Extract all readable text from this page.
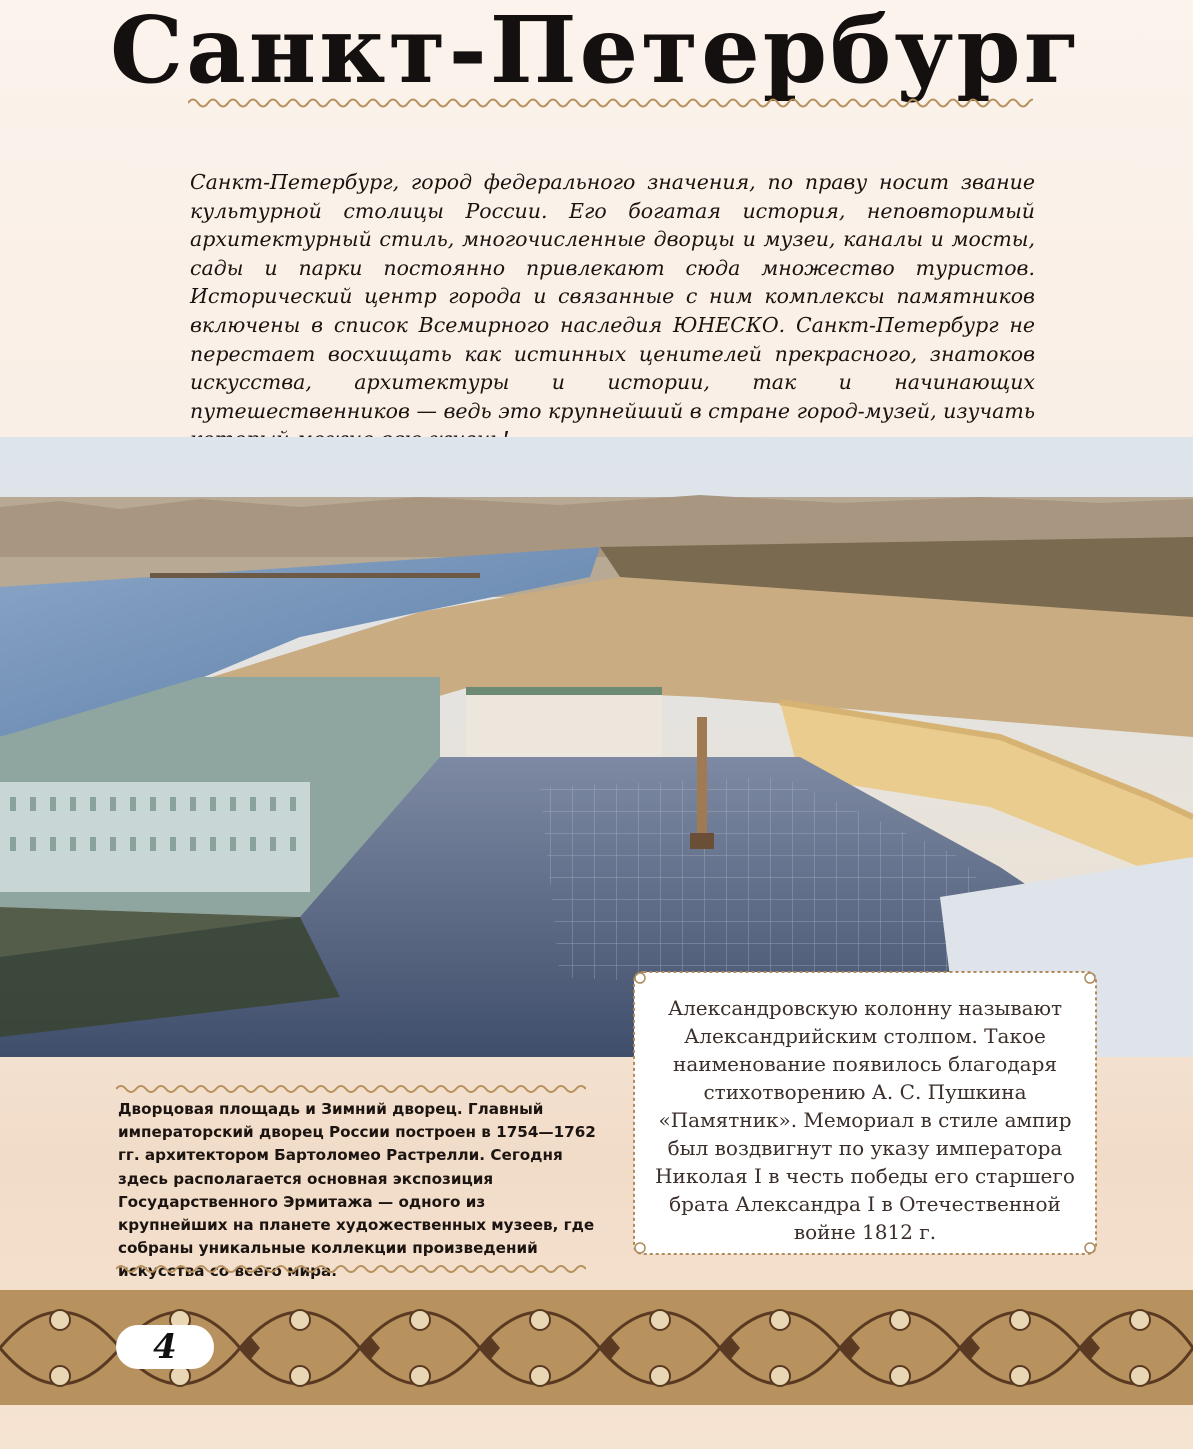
Санкт-Петербург

Санкт-Петербург, город федерального значения, по праву носит звание культурной столицы России. Его богатая история, неповторимый архитектурный стиль, многочисленные дворцы и музеи, каналы и мосты, сады и парки постоянно привлекают сюда множество туристов. Исторический центр города и связанные с ним комплексы памятников включены в список Всемирного наследия ЮНЕСКО. Санкт-Петербург не перестает восхищать как истинных ценителей прекрасного, знатоков искусства, архитектуры и истории, так и начинающих путешественников — ведь это крупнейший в стране город-музей, изучать

Дворцовая площадь и Зимний дворец. Главный императорский дворец России построен в 1754—1762 гг. архитектором Бартоломео Растрелли. Сегодня здесь располагается основная экспозиция Государственного Эрмитажа — одного из крупнейших на планете художественных музеев, где собраны уникальные коллекции произведений искусства со всего мира.

Александровскую колонну называют Александрийским столпом. Такое наименование появилось благодаря стихотворению А. С. Пушкина «Памятник». Мемориал в стиле ампир был воздвигнут по указу императора Николая I в честь победы его старшего брата Александра I в Отечественной войне 1812 г.

4
